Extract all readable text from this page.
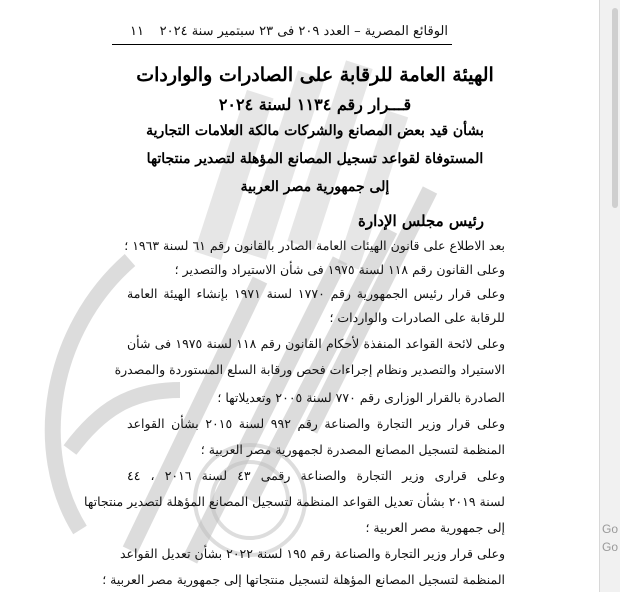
الوقائع المصرية – العدد ٢٠٩ فى ٢٣ سبتمير سنة ٢٠٢٤
١١
الهيئة العامة للرقابة على الصادرات والواردات
قـــرار رقم ١١٣٤ لسنة ٢٠٢٤
بشأن قيد بعض المصانع والشركات مالكة العلامات التجارية
المستوفاة لقواعد تسجيل المصانع المؤهلة لتصدير منتجاتها
إلى جمهورية مصر العربية
رئيس مجلس الإدارة
بعد الاطلاع على قانون الهيئات العامة الصادر بالقانون رقم ٦١ لسنة ١٩٦٣ ؛
وعلى القانون رقم ١١٨ لسنة ١٩٧٥ فى شأن الاستيراد والتصدير ؛
وعلى قرار رئيس الجمهورية رقم ١٧٧٠ لسنة ١٩٧١ بإنشاء الهيئة العامة
للرقابة على الصادرات والواردات ؛
وعلى لائحة القواعد المنفذة لأحكام القانون رقم ١١٨ لسنة ١٩٧٥ فى شأن
الاستيراد والتصدير ونظام إجراءات فحص ورقابة السلع المستوردة والمصدرة
الصادرة بالقرار الوزارى رقم ٧٧٠ لسنة ٢٠٠٥ وتعديلاتها ؛
وعلى قرار وزير التجارة والصناعة رقم ٩٩٢ لسنة ٢٠١٥ بشأن القواعد
المنظمة لتسجيل المصانع المصدرة لجمهورية مصر العربية ؛
وعلى قرارى وزير التجارة والصناعة رقمى ٤٣ لسنة ٢٠١٦ ، ٤٤
لسنة ٢٠١٩ بشأن تعديل القواعد المنظمة لتسجيل المصانع المؤهلة لتصدير منتجاتها
إلى جمهورية مصر العربية ؛
وعلى قرار وزير التجارة والصناعة رقم ١٩٥ لسنة ٢٠٢٢ بشأن تعديل القواعد
المنظمة لتسجيل المصانع المؤهلة لتسجيل منتجاتها إلى جمهورية مصر العربية ؛
Go
Go
